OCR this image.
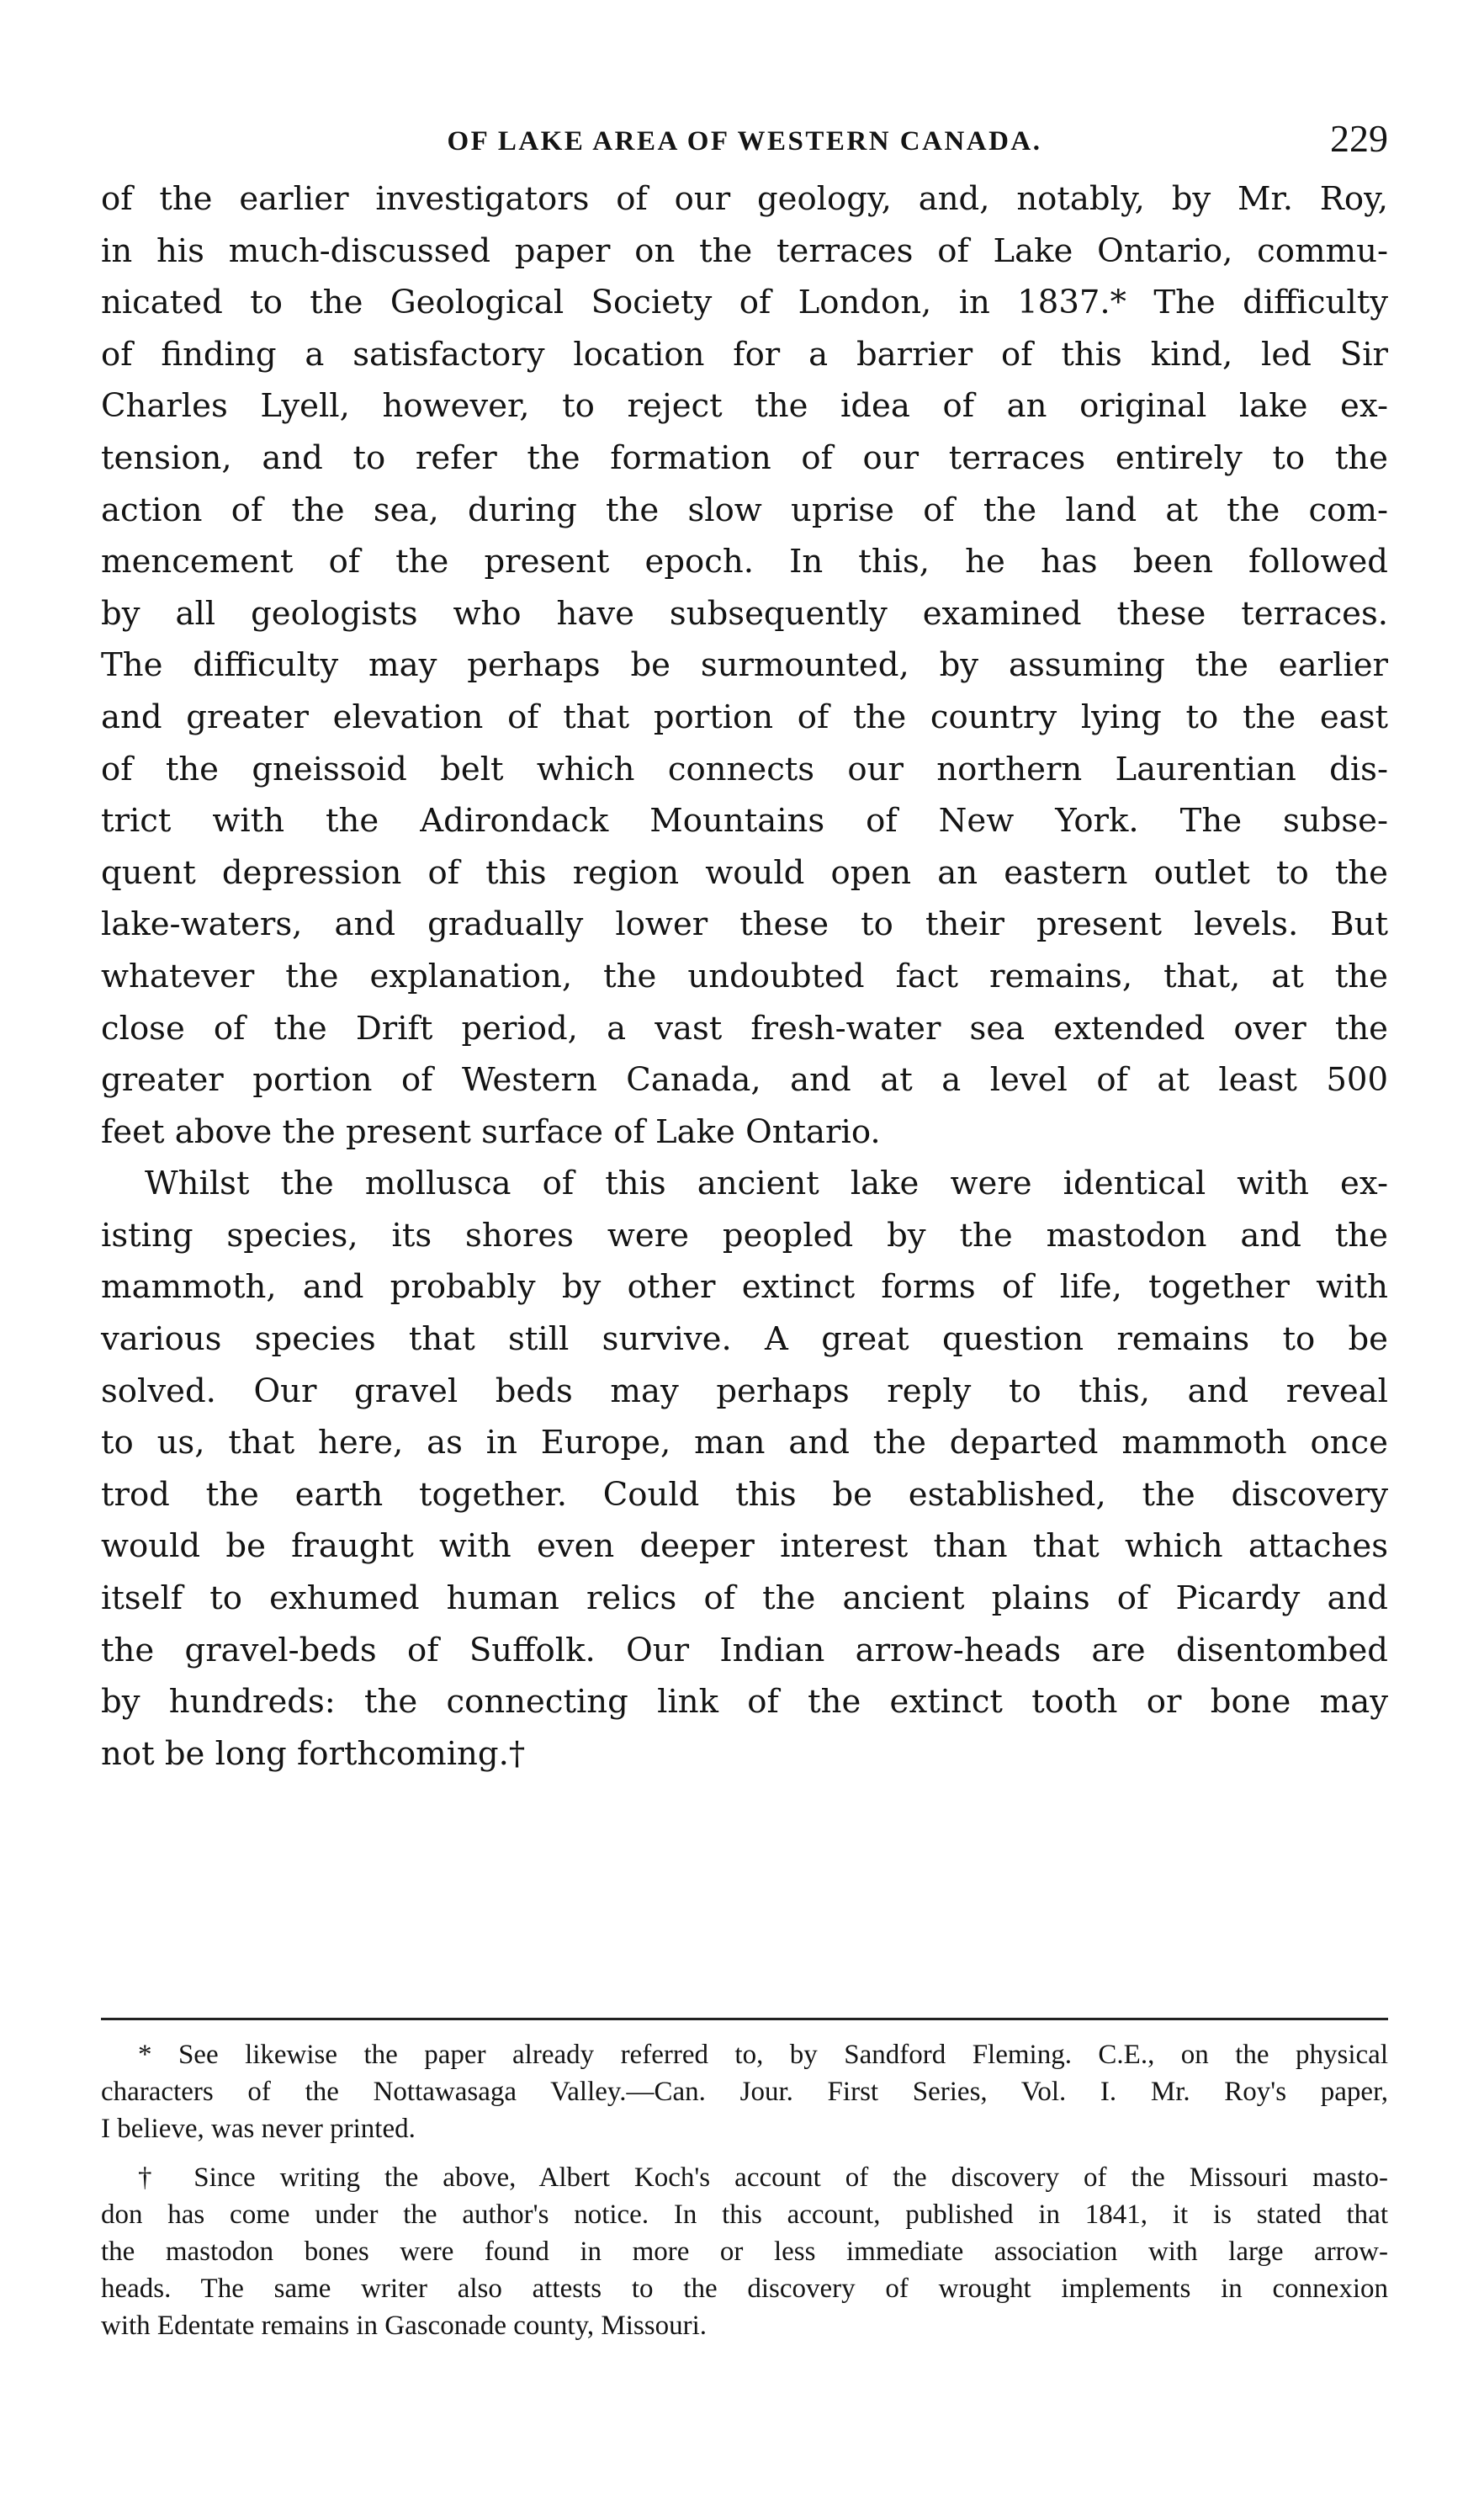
OF LAKE AREA OF WESTERN CANADA.	229
of the earlier investigators of our geology, and, notably, by Mr. Roy,
in his much-discussed paper on the terraces of Lake Ontario, commu-
nicated to the Geological Society of London, in 1837.* The difficulty
of finding a satisfactory location for a barrier of this kind, led Sir
Charles Lyell, however, to reject the idea of an original lake ex-
tension, and to refer the formation of our terraces entirely to the
action of the sea, during the slow uprise of the land at the com-
mencement of the present epoch. In this, he has been followed
by all geologists who have subsequently examined these terraces.
The difficulty may perhaps be surmounted, by assuming the earlier
and greater elevation of that portion of the country lying to the east
of the gneissoid belt which connects our northern Laurentian dis-
trict with the Adirondack Mountains of New York. The subse-
quent depression of this region would open an eastern outlet to the
lake-waters, and gradually lower these to their present levels. But
whatever the explanation, the undoubted fact remains, that, at the
close of the Drift period, a vast fresh-water sea extended over the
greater portion of Western Canada, and at a level of at least 500
feet above the present surface of Lake Ontario.
Whilst the mollusca of this ancient lake were identical with ex-
isting species, its shores were peopled by the mastodon and the
mammoth, and probably by other extinct forms of life, together with
various species that still survive. A great question remains to be
solved. Our gravel beds may perhaps reply to this, and reveal
to us, that here, as in Europe, man and the departed mammoth once
trod the earth together. Could this be established, the discovery
would be fraught with even deeper interest than that which attaches
itself to exhumed human relics of the ancient plains of Picardy and
the gravel-beds of Suffolk. Our Indian arrow-heads are disentombed
by hundreds: the connecting link of the extinct tooth or bone may
not be long forthcoming.†
* See likewise the paper already referred to, by Sandford Fleming. C.E., on the physical
characters of the Nottawasaga Valley.—Can. Jour. First Series, Vol. I. Mr. Roy's paper,
I believe, was never printed.
† Since writing the above, Albert Koch's account of the discovery of the Missouri masto-
don has come under the author's notice. In this account, published in 1841, it is stated that
the mastodon bones were found in more or less immediate association with large arrow-
heads. The same writer also attests to the discovery of wrought implements in connexion
with Edentate remains in Gasconade county, Missouri.
